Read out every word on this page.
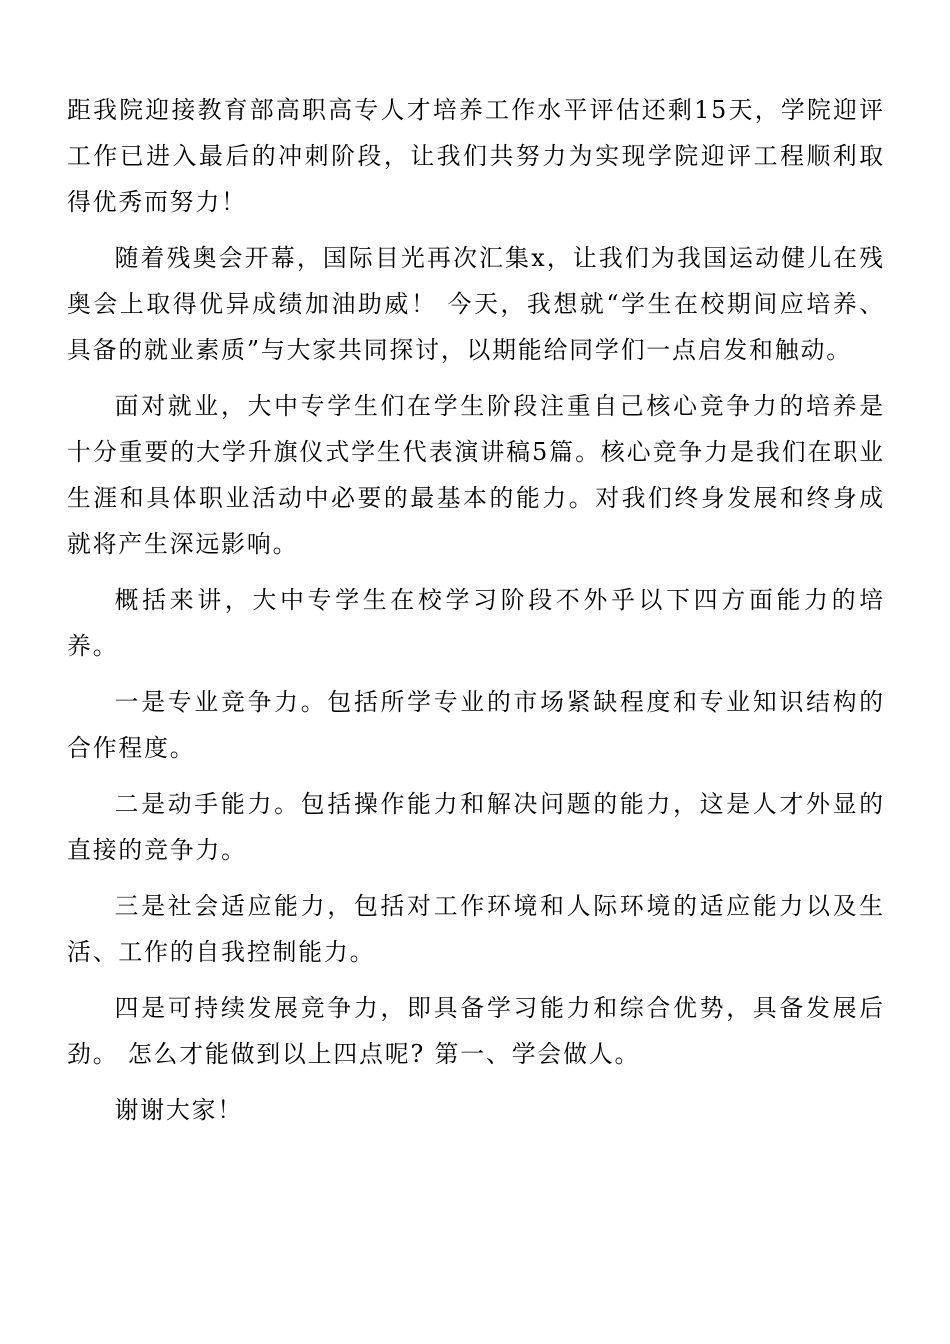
距我院迎接教育部高职高专人才培养工作水平评估还剩15天，学院迎评工作已进入最后的冲刺阶段，让我们共努力为实现学院迎评工程顺利取得优秀而努力！

随着残奥会开幕，国际目光再次汇集x，让我们为我国运动健儿在残奥会上取得优异成绩加油助威！ 今天，我想就“学生在校期间应培养、具备的就业素质”与大家共同探讨，以期能给同学们一点启发和触动。

面对就业，大中专学生们在学生阶段注重自己核心竞争力的培养是十分重要的大学升旗仪式学生代表演讲稿5篇。核心竞争力是我们在职业生涯和具体职业活动中必要的最基本的能力。对我们终身发展和终身成就将产生深远影响。

概括来讲，大中专学生在校学习阶段不外乎以下四方面能力的培养。

一是专业竞争力。包括所学专业的市场紧缺程度和专业知识结构的合作程度。

二是动手能力。包括操作能力和解决问题的能力，这是人才外显的直接的竞争力。

三是社会适应能力，包括对工作环境和人际环境的适应能力以及生活、工作的自我控制能力。

四是可持续发展竞争力，即具备学习能力和综合优势，具备发展后劲。 怎么才能做到以上四点呢? 第一、学会做人。

谢谢大家！
